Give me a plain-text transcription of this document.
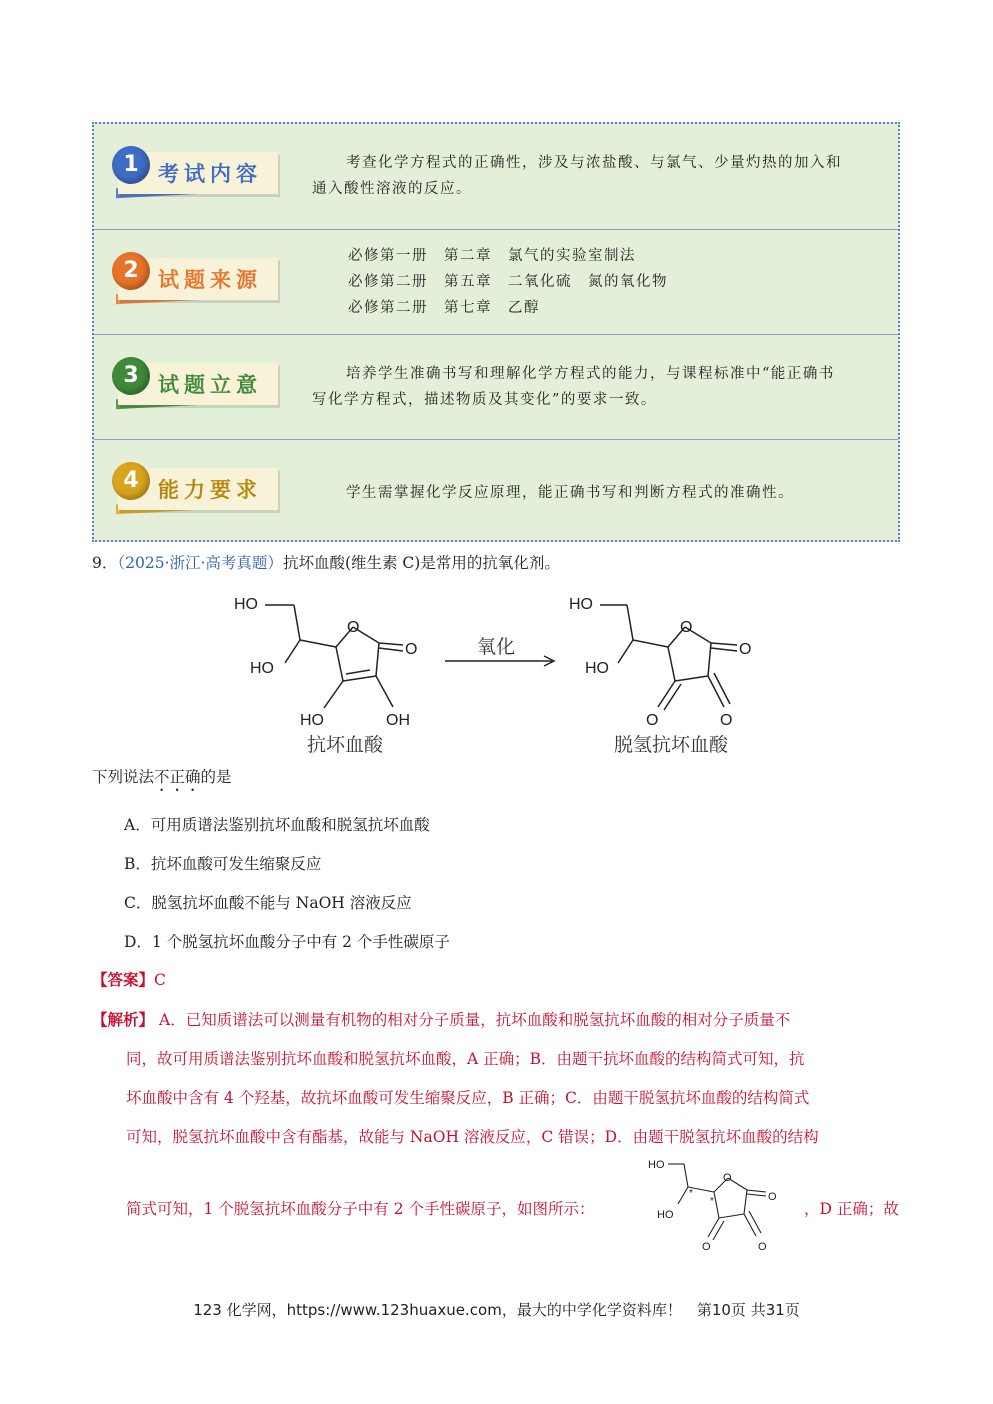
1 考试内容	考查化学方程式的正确性，涉及与浓盐酸、与氯气、少量灼热的加入和
通入酸性溶液的反应。
2 试题来源
必修第一册　第二章　氯气的实验室制法
必修第二册　第五章　二氧化硫　氮的氧化物
必修第二册　第七章　乙醇
3 试题立意	培养学生准确书写和理解化学方程式的能力，与课程标准中“能正确书
写化学方程式，描述物质及其变化”的要求一致。
4 能力要求	学生需掌握化学反应原理，能正确书写和判断方程式的准确性。
9．（2025·浙江·高考真题）抗坏血酸(维生素 C)是常用的抗氧化剂。
HO
HO
O
O
HO	OH
HO
HO
O
O
O	O
氧化
抗坏血酸	脱氢抗坏血酸
下列说法不正确的是
A．可用质谱法鉴别抗坏血酸和脱氢抗坏血酸
B．抗坏血酸可发生缩聚反应
C．脱氢抗坏血酸不能与 NaOH 溶液反应
D．1 个脱氢抗坏血酸分子中有 2 个手性碳原子
【答案】C
【解析】 A．已知质谱法可以测量有机物的相对分子质量，抗坏血酸和脱氢抗坏血酸的相对分子质量不

同，故可用质谱法鉴别抗坏血酸和脱氢抗坏血酸，A 正确；B．由题干抗坏血酸的结构简式可知，抗

坏血酸中含有 4 个羟基，故抗坏血酸可发生缩聚反应，B 正确；C．由题干脱氢抗坏血酸的结构简式

可知，脱氢抗坏血酸中含有酯基，故能与 NaOH 溶液反应，C 错误；D．由题干脱氢抗坏血酸的结构

简式可知，1 个脱氢抗坏血酸分子中有 2 个手性碳原子，如图所示：	，D 正确；故

HO
HO
O
O
O	O
*
*
123 化学网，https://www.123huaxue.com，最大的中学化学资料库！　第10页 共31页
